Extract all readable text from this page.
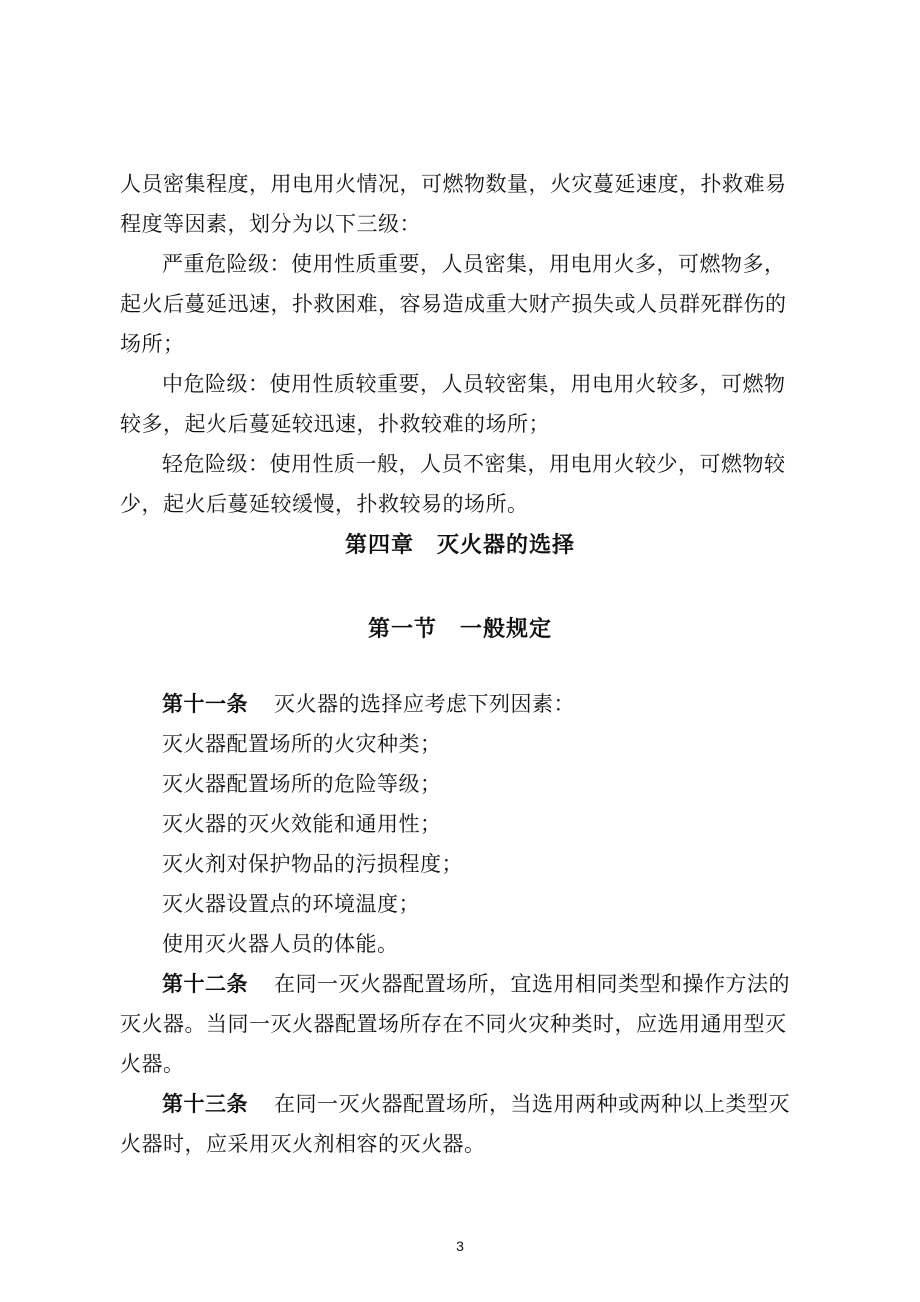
人员密集程度，用电用火情况，可燃物数量，火灾蔓延速度，扑救难易程度等因素，划分为以下三级：

严重危险级：使用性质重要，人员密集，用电用火多，可燃物多，起火后蔓延迅速，扑救困难，容易造成重大财产损失或人员群死群伤的场所；

中危险级：使用性质较重要，人员较密集，用电用火较多，可燃物较多，起火后蔓延较迅速，扑救较难的场所；

轻危险级：使用性质一般，人员不密集，用电用火较少，可燃物较少，起火后蔓延较缓慢，扑救较易的场所。

第四章　灭火器的选择
第一节　一般规定

第十一条 灭火器的选择应考虑下列因素：

灭火器配置场所的火灾种类；

灭火器配置场所的危险等级；

灭火器的灭火效能和通用性；

灭火剂对保护物品的污损程度；

灭火器设置点的环境温度；

使用灭火器人员的体能。

第十二条 在同一灭火器配置场所，宜选用相同类型和操作方法的灭火器。当同一灭火器配置场所存在不同火灾种类时，应选用通用型灭火器。

第十三条 在同一灭火器配置场所，当选用两种或两种以上类型灭火器时，应采用灭火剂相容的灭火器。

3
